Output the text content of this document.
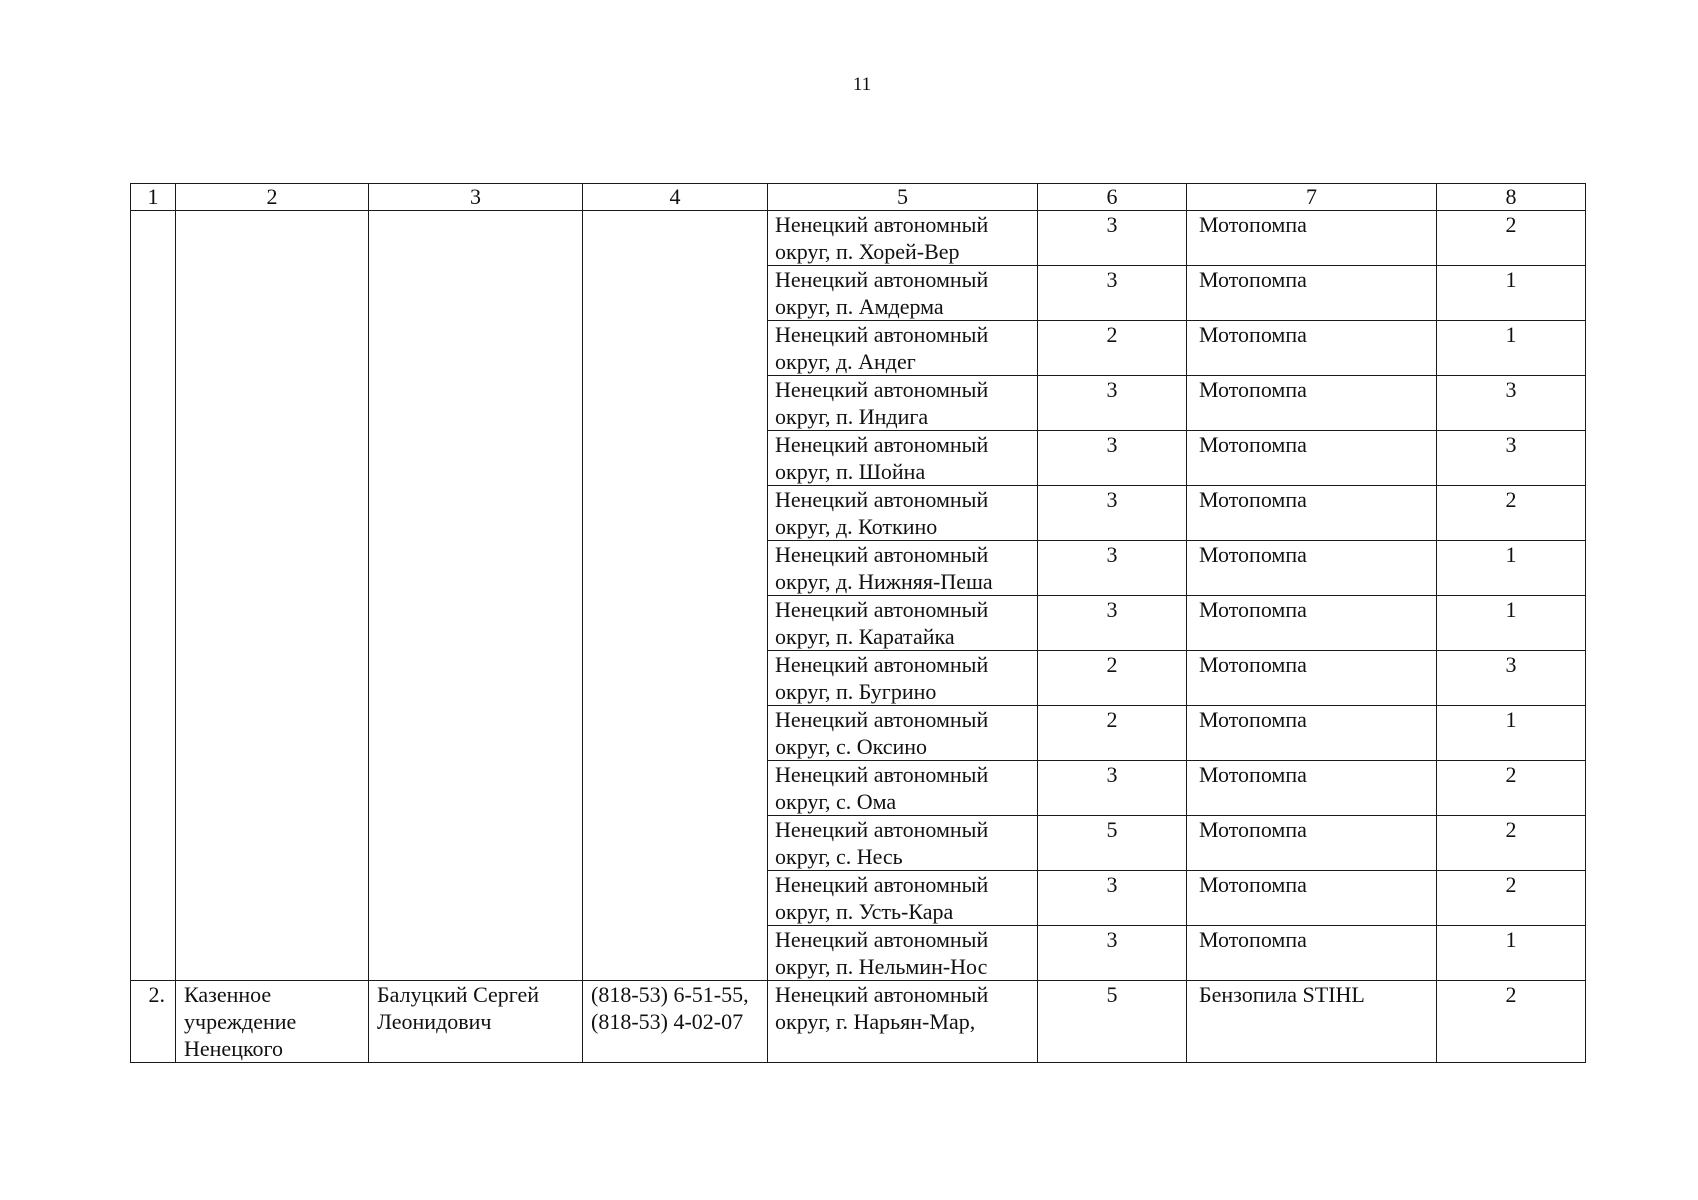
11
1	2	3	4	5	6	7	8
				Ненецкий автономный округ, п. Хорей-Вер	3	Мотопомпа	2
				Ненецкий автономный округ, п. Амдерма	3	Мотопомпа	1
				Ненецкий автономный округ, д. Андег	2	Мотопомпа	1
				Ненецкий автономный округ, п. Индига	3	Мотопомпа	3
				Ненецкий автономный округ, п. Шойна	3	Мотопомпа	3
				Ненецкий автономный округ, д. Коткино	3	Мотопомпа	2
				Ненецкий автономный округ, д. Нижняя-Пеша	3	Мотопомпа	1
				Ненецкий автономный округ, п. Каратайка	3	Мотопомпа	1
				Ненецкий автономный округ, п. Бугрино	2	Мотопомпа	3
				Ненецкий автономный округ, с. Оксино	2	Мотопомпа	1
				Ненецкий автономный округ, с. Ома	3	Мотопомпа	2
				Ненецкий автономный округ, с. Несь	5	Мотопомпа	2
				Ненецкий автономный округ, п. Усть-Кара	3	Мотопомпа	2
				Ненецкий автономный округ, п. Нельмин-Нос	3	Мотопомпа	1
2.	Казенное учреждение Ненецкого	Балуцкий Сергей Леонидович	(818-53) 6-51-55, (818-53) 4-02-07	Ненецкий автономный округ, г. Нарьян-Мар,	5	Бензопила STIHL	2
